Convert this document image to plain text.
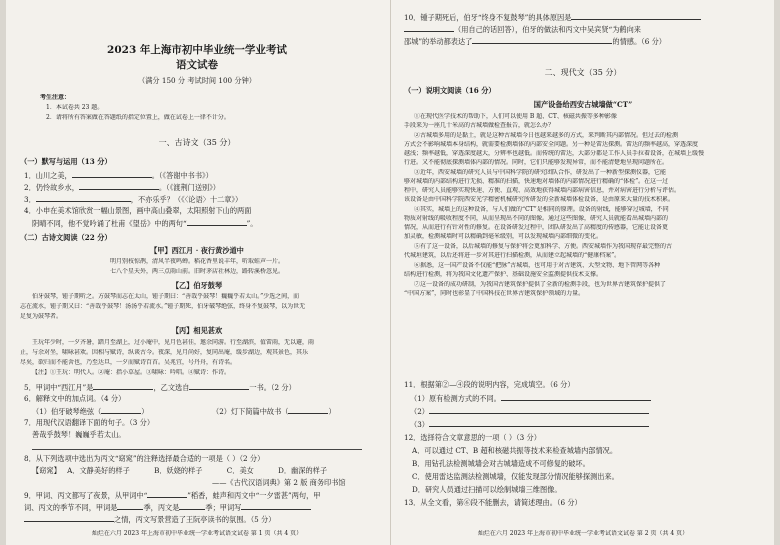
2023 年上海市初中毕业统一学业考试
语文试卷
（满分 150 分 考试时间 100 分钟）
考生注意：
1．本试卷共 23 题。
2．请将所有答案做在答题纸的指定位置上，做在试卷上一律不计分。
一、古诗文（35 分）
（一）默写与运用（13 分）
1．山川之美，	。（《答谢中书书》）
2．仍怜故乡水，	。（《渡荆门送别》）
3．	，不亦乐乎？（《〈论语〉十二章》）
4．小申在美术馆欣赏一幅山景图，画中高山叠翠，太阳照射下山的两面
阴晴不同，他不觉吟诵了杜甫《望岳》中的两句“	”。
（二）古诗文阅读（22 分）
【甲】西江月 · 夜行黄沙道中
明月别枝惊鹊，清风半夜鸣蝉。稻花香里说丰年，听取蛙声一片。
七八个星天外，两三点雨山前。旧时茅店社林边，路转溪桥忽见。
【乙】伯牙鼓琴
伯牙鼓琴，锺子期听之。方鼓琴而志在太山，锺子期曰：“善哉乎鼓琴！巍巍乎若太山。”少选之间，而
志在流水，锺子期又曰：“善哉乎鼓琴！汤汤乎若流水。”锺子期死，伯牙破琴绝弦，终身不复鼓琴，以为世无
足复为鼓琴者。
【丙】相见甚欢
王玩年少时，一夕齐暑，踏月至湖上，过小庵中，见月色甚佳，邀余同游。行至湖滨，值雷雨，无以避，雨
止，与余对坐，啸咏甚欢。因相与赋诗，纵谈古今。夜深，见月尚好，复同出庵，缓步湖边，观其景色，其乐
尽矣，欲归而不能舍也，乃至达旦，一夕而赋诗百首。吴兆宜，号丹舟，有诗名。
【注】①王玩：明代人。②庵：指小草屋。③啸咏：吟唱。④赋诗：作诗。
5．甲词中“西江月”是	，乙文选自	一书。（2 分）
6．解释文中的加点词。（4 分）
（1）伯牙破琴绝弦（	）	（2）灯下简篇中故书（	）
7．用现代汉语翻译下面的句子。（3 分）
善哉乎鼓琴！巍巍乎若太山。
8．从下列选项中选出为丙文“窈窕”的注释选择最合适的一项是（ ）（2 分）
【窈窕】 A．文静美好的样子	B．妖娆的样子	C．美女	D．幽深的样子
——《古代汉语词典》第 2 版 商务印书馆
9．甲词、丙文都写了夜景，从甲词中“	”稻香，蛙声和丙文中“一夕雷甚”两句，甲
词、丙文的季节不同，甲词是	季，丙文是	季；甲词写
之情，丙文写景营造了王阮亭读书的氛围。（5 分）
灿烂在六月 2023 年上海市初中毕业统一学业考试语文试卷 第 1 页（共 4 页）
10．锺子期死后，伯牙“终身不复鼓琴”的具体原因是
（用自己的话回答），伯牙的做法和丙文中吴宾贤“为鹤向来
邵城”的举动都表达了	的情感。（6 分）
二、现代文（35 分）
（一）说明文阅读（16 分）
国产设备给西安古城墙做“CT”
①在现代医学技术的帮助下，人们可以使用 B 超、CT、核磁共振等多种影像
手段来为一座几十米高的古城墙做检查报告，就怎么办？
②古城墙多用的是黏土，就是这种古城墙今日也越来越多的方式，来判断其内部情况。但过去的检测
方式会不影响城墙本身结构，就需要检测墙体的内部安全问题。另一种是雷达探测。雷达的频率越高，穿透深度
越浅；频率越低，穿透深度越大，分辨率也越低。而传统的雷达，大部分都是工作人员手拉着设备，在城墙上缓慢
行进。又不能彻底探测墙体内部的情况。同时，它们只能够发现异常，而不能清楚地呈现问题所在。
③近年，西安城墙的研究人员与中国科学院的研究团队合作，研发出了一种新型探测仪器，它能
够对城墙的内部结构进行无损、精准的扫描，快速地对墙体的内部情况进行精确的“体检”。在这一过
程中，研究人员能够实现快速、方便、直观、高效地获得城墙内部病害信息，并对病害进行分析与评估。
该设备是由中国科学院西安光学精密机械研究所研发的全新城墙体检设备，是由原来大量的技术积累。
④其实，城墙上的这种设备，与人们做的“CT”是相同的原理。设备的射线，能够穿过城墙，不同
物质对射线的吸收程度不同，从而呈现出不同的图像。通过这些图像，研究人员就能看出城墙内部的
情况，从而进行有针对性的修复。在设备研发过程中，团队研发出了高精度的传感器，它能让设备更
加灵敏，检测城墙时可以精确到毫米级别，可以发现城墙内部细微的变化。
⑤有了这一设备，以后城墙的修复与保护将会更加科学、方便。西安城墙作为我国现存最完整的古
代城垣建筑，以后还将进一步对其进行扫描检测，从而建立起城墙的“健康档案”。
⑥据悉，这一国产设备不仅能“把脉”古城墙，也可用于对古建筑、大型文物、地下管网等各种
结构进行检测，将为我国文化遗产保护、基础设施安全监测提供技术支撑。
⑦这一设备的成功研制，为我国古建筑保护提供了全新的检测手段，也为世界古建筑保护提供了
“中国方案”，同时也彰显了中国科技在世界古建筑保护领域的力量。
11．根据第②—④段的说明内容，完成填空。（6 分）
（1）原有检测方式的不同。
（2）
（3）
12．选择符合文章意思的一项（ ）（3 分）
A．可以通过 CT、B 超和核磁共振等技术来检查城墙内部情况。
B．用钻孔法检测城墙会对古城墙造成不可修复的破坏。
C．使用雷达监测法检测城墙，仅能发现部分情况能够探测出来。
D．研究人员通过扫描可以绘制城墙三维图像。
13．从全文看，第⑥段不能删去，请简述理由。（6 分）
灿烂在六月 2023 年上海市初中毕业统一学业考试语文试卷 第 2 页（共 4 页）
